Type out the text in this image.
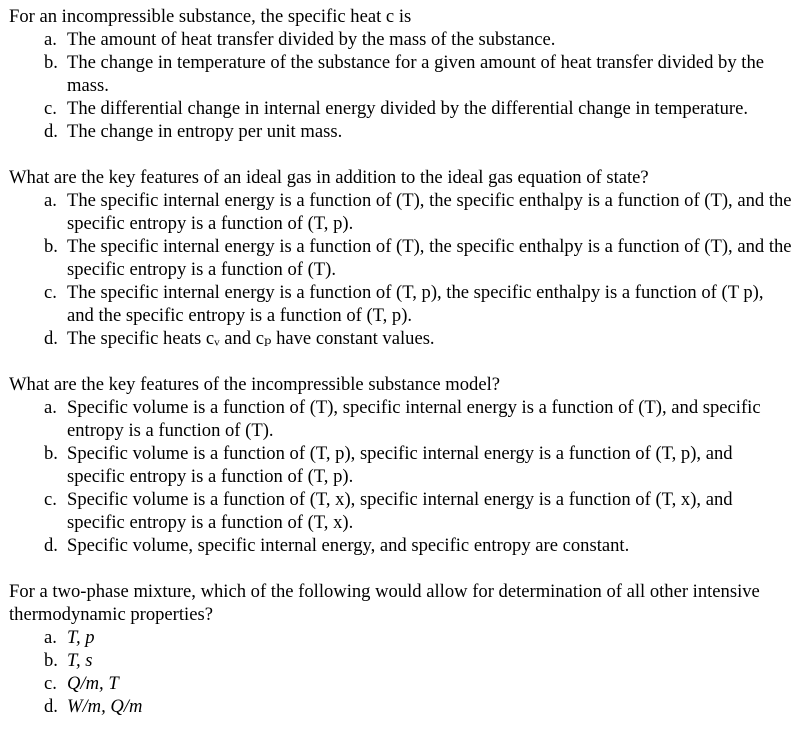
For an incompressible substance, the specific heat c is

a. The amount of heat transfer divided by the mass of the substance.
b. The change in temperature of the substance for a given amount of heat transfer divided by the mass.
c. The differential change in internal energy divided by the differential change in temperature.
d. The change in entropy per unit mass.

What are the key features of an ideal gas in addition to the ideal gas equation of state?

a. The specific internal energy is a function of (T), the specific enthalpy is a function of (T), and the specific entropy is a function of (T, p).
b. The specific internal energy is a function of (T), the specific enthalpy is a function of (T), and the specific entropy is a function of (T).
c. The specific internal energy is a function of (T, p), the specific enthalpy is a function of (T p), and the specific entropy is a function of (T, p).
d. The specific heats cᵥ and cₚ have constant values.

What are the key features of the incompressible substance model?

a. Specific volume is a function of (T), specific internal energy is a function of (T), and specific entropy is a function of (T).
b. Specific volume is a function of (T, p), specific internal energy is a function of (T, p), and specific entropy is a function of (T, p).
c. Specific volume is a function of (T, x), specific internal energy is a function of (T, x), and specific entropy is a function of (T, x).
d. Specific volume, specific internal energy, and specific entropy are constant.

For a two-phase mixture, which of the following would allow for determination of all other intensive thermodynamic properties?

a. T, p
b. T, s
c. Q/m, T
d. W/m, Q/m
